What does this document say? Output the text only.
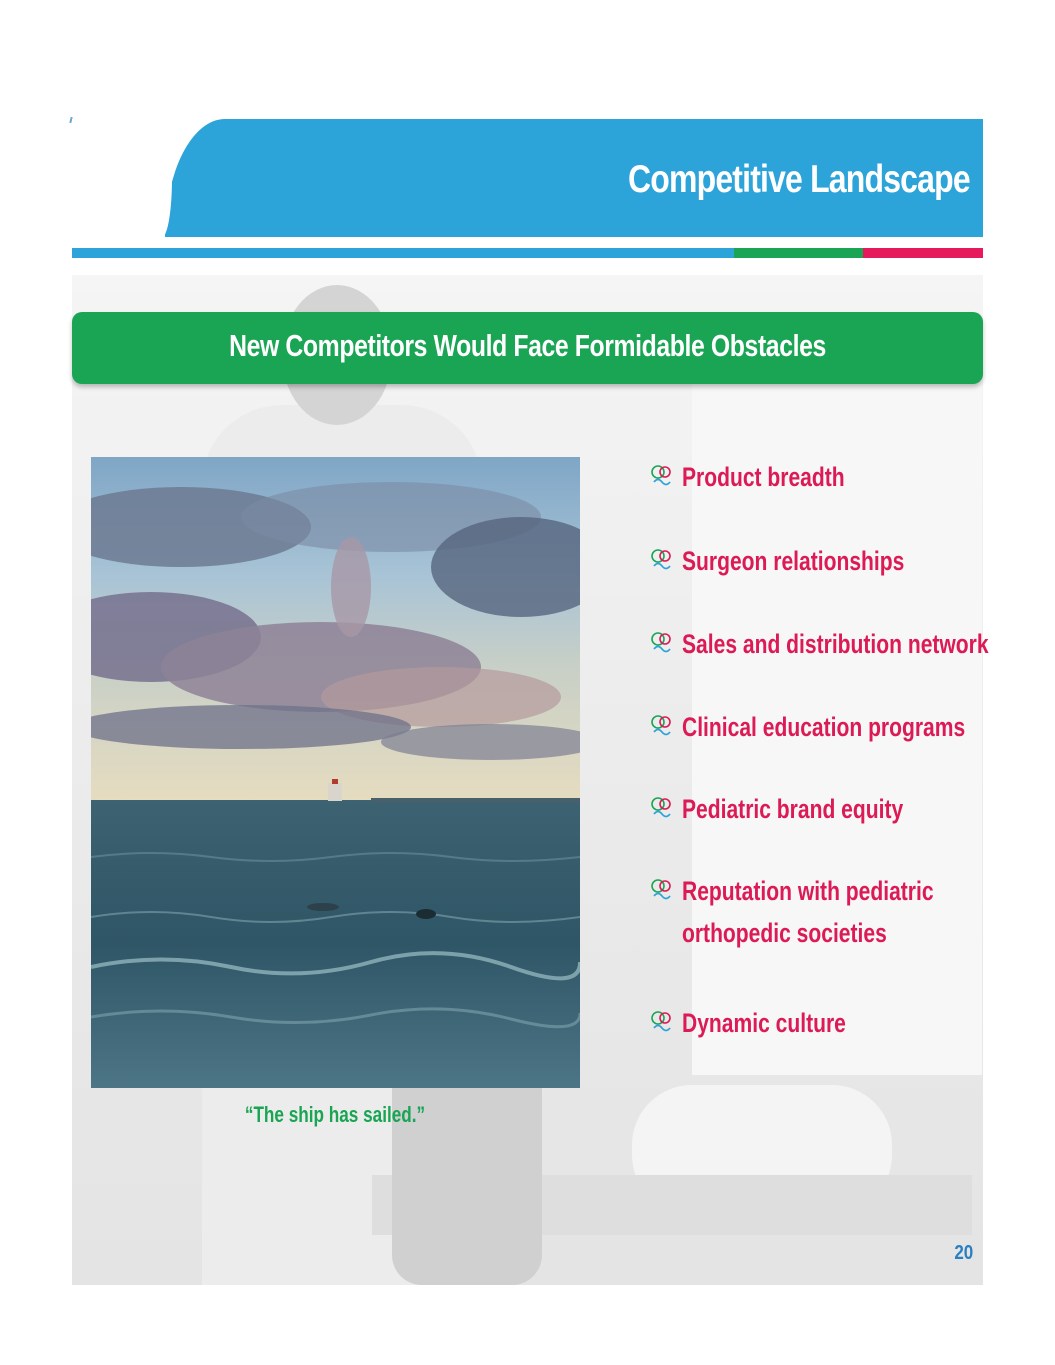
Competitive Landscape
New Competitors Would Face Formidable Obstacles
“The ship has sailed.”
Product breadth
Surgeon relationships
Sales and distribution network
Clinical education programs
Pediatric brand equity
Reputation with pediatric
orthopedic societies
Dynamic culture
20
